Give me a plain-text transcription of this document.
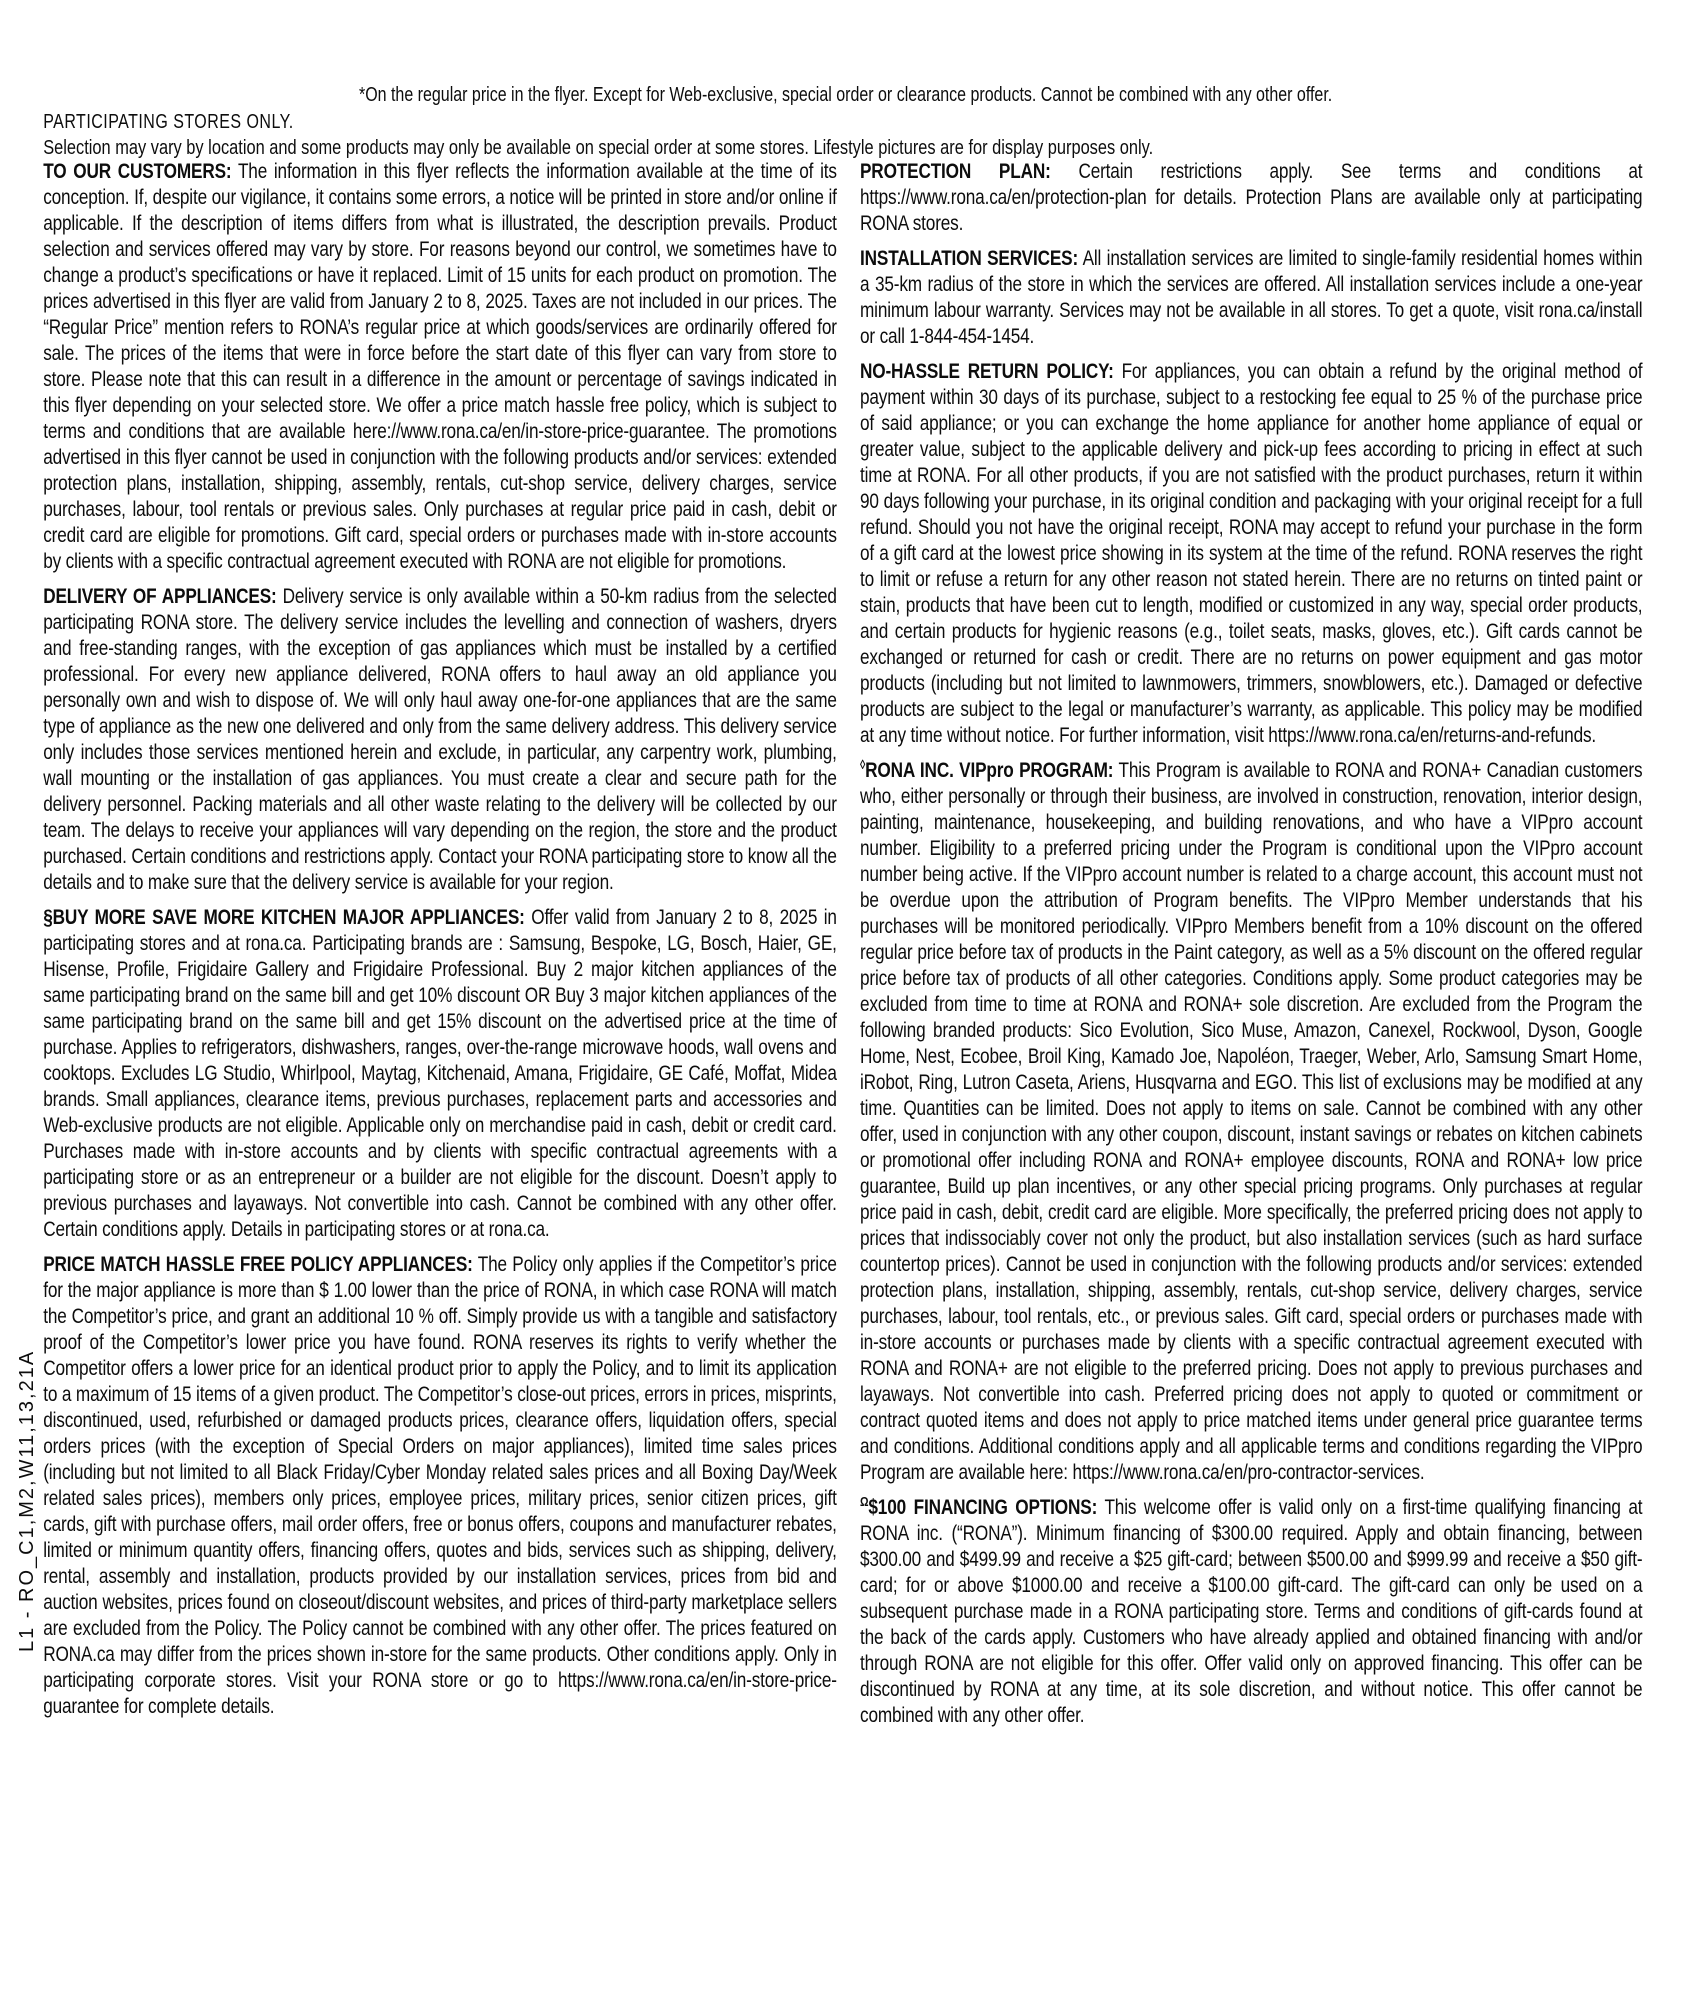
*On the regular price in the flyer. Except for Web-exclusive, special order or clearance products. Cannot be combined with any other offer.
PARTICIPATING STORES ONLY.
Selection may vary by location and some products may only be available on special order at some stores. Lifestyle pictures are for display purposes only.

TO OUR CUSTOMERS: The information in this flyer reflects the information available at the time of its conception. If, despite our vigilance, it contains some errors, a notice will be printed in store and/or online if applicable. If the description of items differs from what is illustrated, the description prevails. Product selection and services offered may vary by store. For reasons beyond our control, we sometimes have to change a product’s specifications or have it replaced. Limit of 15 units for each product on promotion. The prices advertised in this flyer are valid from January 2 to 8, 2025. Taxes are not included in our prices. The “Regular Price” mention refers to RONA’s regular price at which goods/services are ordinarily offered for sale. The prices of the items that were in force before the start date of this flyer can vary from store to store. Please note that this can result in a difference in the amount or percentage of savings indicated in this flyer depending on your selected store. We offer a price match hassle free policy, which is subject to terms and conditions that are available here://www.rona.ca/en/in-store-price-guarantee. The promotions advertised in this flyer cannot be used in conjunction with the following products and/or services: extended protection plans, installation, shipping, assembly, rentals, cut-shop service, delivery charges, service purchases, labour, tool rentals or previous sales. Only purchases at regular price paid in cash, debit or credit card are eligible for promotions. Gift card, special orders or purchases made with in-store accounts by clients with a specific contractual agreement executed with RONA are not eligible for promotions.

DELIVERY OF APPLIANCES: Delivery service is only available within a 50-km radius from the selected participating RONA store. The delivery service includes the levelling and connection of washers, dryers and free-standing ranges, with the exception of gas appliances which must be installed by a certified professional. For every new appliance delivered, RONA offers to haul away an old appliance you personally own and wish to dispose of. We will only haul away one-for-one appliances that are the same type of appliance as the new one delivered and only from the same delivery address. This delivery service only includes those services mentioned herein and exclude, in particular, any carpentry work, plumbing, wall mounting or the installation of gas appliances. You must create a clear and secure path for the delivery personnel. Packing materials and all other waste relating to the delivery will be collected by our team. The delays to receive your appliances will vary depending on the region, the store and the product purchased. Certain conditions and restrictions apply. Contact your RONA participating store to know all the details and to make sure that the delivery service is available for your region.

§BUY MORE SAVE MORE KITCHEN MAJOR APPLIANCES: Offer valid from January 2 to 8, 2025 in participating stores and at rona.ca. Participating brands are : Samsung, Bespoke, LG, Bosch, Haier, GE, Hisense, Profile, Frigidaire Gallery and Frigidaire Professional. Buy 2 major kitchen appliances of the same participating brand on the same bill and get 10% discount OR Buy 3 major kitchen appliances of the same participating brand on the same bill and get 15% discount on the advertised price at the time of purchase. Applies to refrigerators, dishwashers, ranges, over-the-range microwave hoods, wall ovens and cooktops. Excludes LG Studio, Whirlpool, Maytag, Kitchenaid, Amana, Frigidaire, GE Café, Moffat, Midea brands. Small appliances, clearance items, previous purchases, replacement parts and accessories and Web-exclusive products are not eligible. Applicable only on merchandise paid in cash, debit or credit card. Purchases made with in-store accounts and by clients with specific contractual agreements with a participating store or as an entrepreneur or a builder are not eligible for the discount. Doesn’t apply to previous purchases and layaways. Not convertible into cash. Cannot be combined with any other offer. Certain conditions apply. Details in participating stores or at rona.ca.

PRICE MATCH HASSLE FREE POLICY APPLIANCES: The Policy only applies if the Competitor’s price for the major appliance is more than $ 1.00 lower than the price of RONA, in which case RONA will match the Competitor’s price, and grant an additional 10 % off. Simply provide us with a tangible and satisfactory proof of the Competitor’s lower price you have found. RONA reserves its rights to verify whether the Competitor offers a lower price for an identical product prior to apply the Policy, and to limit its application to a maximum of 15 items of a given product. The Competitor’s close-out prices, errors in prices, misprints, discontinued, used, refurbished or damaged products prices, clearance offers, liquidation offers, special orders prices (with the exception of Special Orders on major appliances), limited time sales prices (including but not limited to all Black Friday/Cyber Monday related sales prices and all Boxing Day/Week related sales prices), members only prices, employee prices, military prices, senior citizen prices, gift cards, gift with purchase offers, mail order offers, free or bonus offers, coupons and manufacturer rebates, limited or minimum quantity offers, financing offers, quotes and bids, services such as shipping, delivery, rental, assembly and installation, products provided by our installation services, prices from bid and auction websites, prices found on closeout/discount websites, and prices of third-party marketplace sellers are excluded from the Policy. The Policy cannot be combined with any other offer. The prices featured on RONA.ca may differ from the prices shown in-store for the same products. Other conditions apply. Only in participating corporate stores. Visit your RONA store or go to https://www.rona.ca/en/in-store-price-guarantee for complete details.

PROTECTION PLAN: Certain restrictions apply. See terms and conditions at https://www.rona.ca/en/protection-plan for details. Protection Plans are available only at participating RONA stores.

INSTALLATION SERVICES: All installation services are limited to single-family residential homes within a 35-km radius of the store in which the services are offered. All installation services include a one-year minimum labour warranty. Services may not be available in all stores. To get a quote, visit rona.ca/install or call 1-844-454-1454.

NO-HASSLE RETURN POLICY: For appliances, you can obtain a refund by the original method of payment within 30 days of its purchase, subject to a restocking fee equal to 25 % of the purchase price of said appliance; or you can exchange the home appliance for another home appliance of equal or greater value, subject to the applicable delivery and pick-up fees according to pricing in effect at such time at RONA. For all other products, if you are not satisfied with the product purchases, return it within 90 days following your purchase, in its original condition and packaging with your original receipt for a full refund. Should you not have the original receipt, RONA may accept to refund your purchase in the form of a gift card at the lowest price showing in its system at the time of the refund. RONA reserves the right to limit or refuse a return for any other reason not stated herein. There are no returns on tinted paint or stain, products that have been cut to length, modified or customized in any way, special order products, and certain products for hygienic reasons (e.g., toilet seats, masks, gloves, etc.). Gift cards cannot be exchanged or returned for cash or credit. There are no returns on power equipment and gas motor products (including but not limited to lawnmowers, trimmers, snowblowers, etc.). Damaged or defective products are subject to the legal or manufacturer’s warranty, as applicable. This policy may be modified at any time without notice. For further information, visit https://www.rona.ca/en/returns-and-refunds.

◊RONA INC. VIPpro PROGRAM: This Program is available to RONA and RONA+ Canadian customers who, either personally or through their business, are involved in construction, renovation, interior design, painting, maintenance, housekeeping, and building renovations, and who have a VIPpro account number. Eligibility to a preferred pricing under the Program is conditional upon the VIPpro account number being active. If the VIPpro account number is related to a charge account, this account must not be overdue upon the attribution of Program benefits. The VIPpro Member understands that his purchases will be monitored periodically. VIPpro Members benefit from a 10% discount on the offered regular price before tax of products in the Paint category, as well as a 5% discount on the offered regular price before tax of products of all other categories. Conditions apply. Some product categories may be excluded from time to time at RONA and RONA+ sole discretion. Are excluded from the Program the following branded products: Sico Evolution, Sico Muse, Amazon, Canexel, Rockwool, Dyson, Google Home, Nest, Ecobee, Broil King, Kamado Joe, Napoléon, Traeger, Weber, Arlo, Samsung Smart Home, iRobot, Ring, Lutron Caseta, Ariens, Husqvarna and EGO. This list of exclusions may be modified at any time. Quantities can be limited. Does not apply to items on sale. Cannot be combined with any other offer, used in conjunction with any other coupon, discount, instant savings or rebates on kitchen cabinets or promotional offer including RONA and RONA+ employee discounts, RONA and RONA+ low price guarantee, Build up plan incentives, or any other special pricing programs. Only purchases at regular price paid in cash, debit, credit card are eligible. More specifically, the preferred pricing does not apply to prices that indissociably cover not only the product, but also installation services (such as hard surface countertop prices). Cannot be used in conjunction with the following products and/or services: extended protection plans, installation, shipping, assembly, rentals, cut-shop service, delivery charges, service purchases, labour, tool rentals, etc., or previous sales. Gift card, special orders or purchases made with in-store accounts or purchases made by clients with a specific contractual agreement executed with RONA and RONA+ are not eligible to the preferred pricing. Does not apply to previous purchases and layaways. Not convertible into cash. Preferred pricing does not apply to quoted or commitment or contract quoted items and does not apply to price matched items under general price guarantee terms and conditions. Additional conditions apply and all applicable terms and conditions regarding the VIPpro Program are available here: https://www.rona.ca/en/pro-contractor-services.

$^\Omega$\$100 FINANCING OPTIONS: This welcome offer is valid only on a first-time qualifying financing at RONA inc. (“RONA”). Minimum financing of $300.00 required. Apply and obtain financing, between $300.00 and $499.99 and receive a $25 gift-card; between $500.00 and $999.99 and receive a $50 gift-card; for or above $1000.00 and receive a $100.00 gift-card. The gift-card can only be used on a subsequent purchase made in a RONA participating store. Terms and conditions of gift-cards found at the back of the cards apply. Customers who have already applied and obtained financing with and/or through RONA are not eligible for this offer. Offer valid only on approved financing. This offer can be discontinued by RONA at any time, at its sole discretion, and without notice. This offer cannot be combined with any other offer.

L1 - RO_C1,M2,W11,13,21A
